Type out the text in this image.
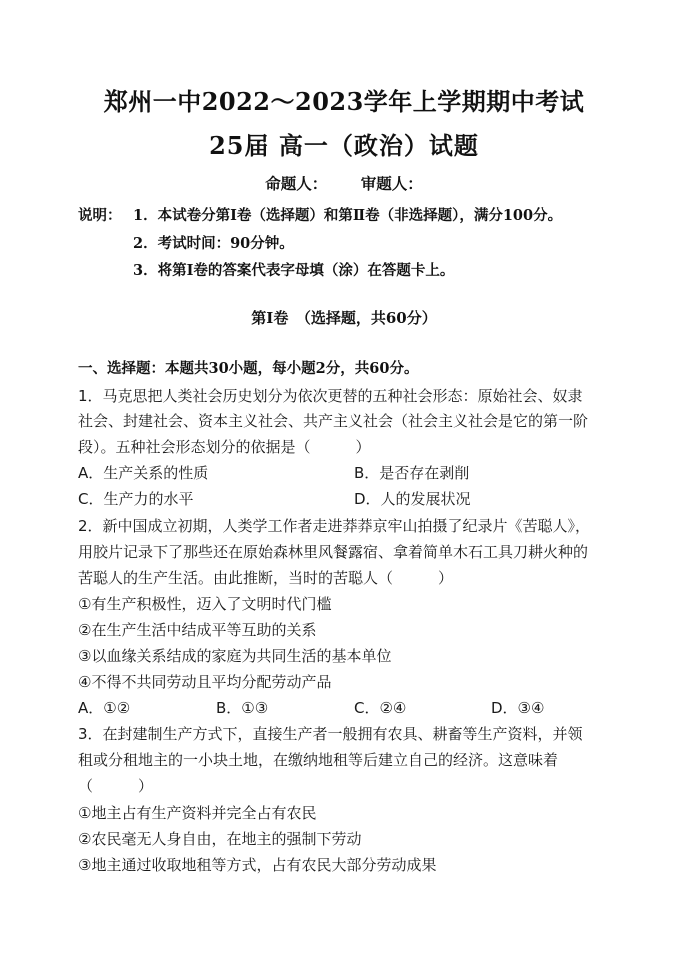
郑州一中2022～2023学年上学期期中考试
25届 高一（政治）试题
命题人： 审题人：
说明： 1．本试卷分第Ⅰ卷（选择题）和第Ⅱ卷（非选择题），满分100分。
2．考试时间：90分钟。
3．将第Ⅰ卷的答案代表字母填（涂）在答题卡上。
第Ⅰ卷　（选择题，共60分）
一、选择题：本题共30小题，每小题2分，共60分。
1．马克思把人类社会历史划分为依次更替的五种社会形态：原始社会、奴隶
社会、封建社会、资本主义社会、共产主义社会（社会主义社会是它的第一阶
段）。五种社会形态划分的依据是（　　　）
A．生产关系的性质	B．是否存在剥削
C．生产力的水平	D．人的发展状况
2．新中国成立初期，人类学工作者走进莽莽京牢山拍摄了纪录片《苦聪人》，
用胶片记录下了那些还在原始森林里风餐露宿、拿着简单木石工具刀耕火种的
苦聪人的生产生活。由此推断，当时的苦聪人（　　　）
①有生产积极性，迈入了文明时代门槛
②在生产生活中结成平等互助的关系
③以血缘关系结成的家庭为共同生活的基本单位
④不得不共同劳动且平均分配劳动产品
A．①②	B．①③	C．②④	D．③④
3．在封建制生产方式下，直接生产者一般拥有农具、耕畜等生产资料，并领
租或分租地主的一小块土地，在缴纳地租等后建立自己的经济。这意味着
（　　　）
①地主占有生产资料并完全占有农民
②农民毫无人身自由，在地主的强制下劳动
③地主通过收取地租等方式，占有农民大部分劳动成果
